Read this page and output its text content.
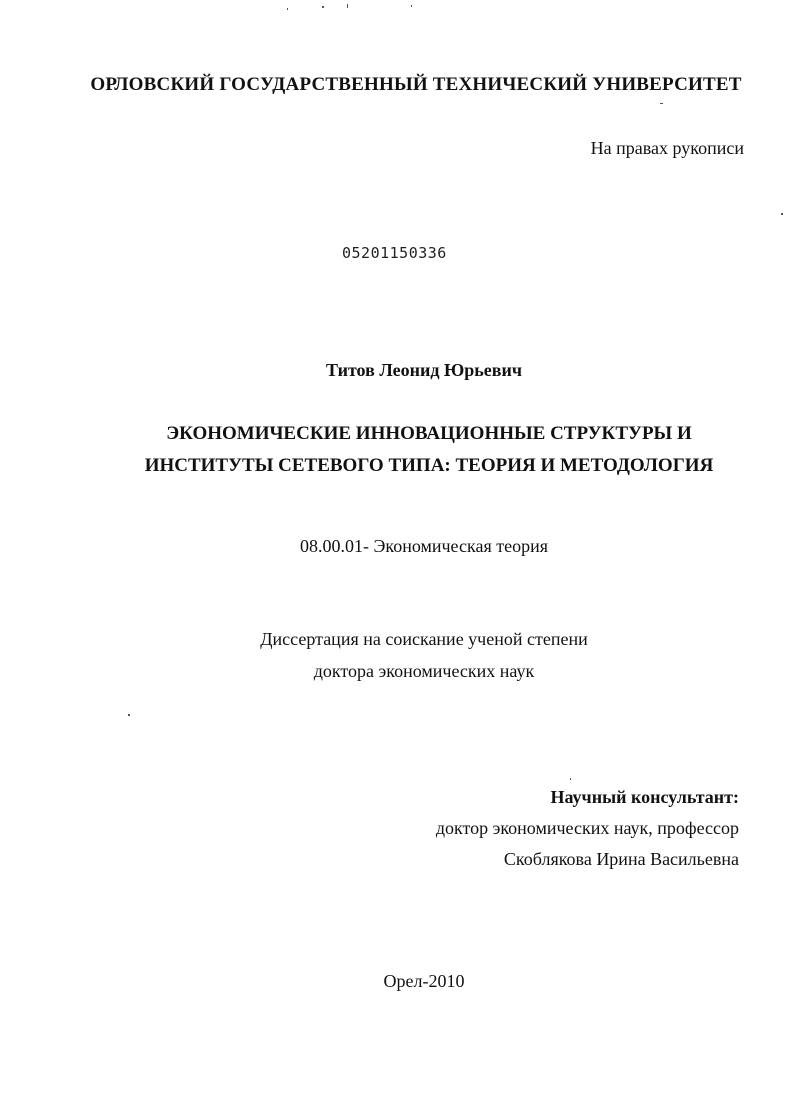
ОРЛОВСКИЙ ГОСУДАРСТВЕННЫЙ ТЕХНИЧЕСКИЙ УНИВЕРСИТЕТ
На правах рукописи
05201150336
Титов Леонид Юрьевич
ЭКОНОМИЧЕСКИЕ ИННОВАЦИОННЫЕ СТРУКТУРЫ И
ИНСТИТУТЫ СЕТЕВОГО ТИПА: ТЕОРИЯ И МЕТОДОЛОГИЯ
08.00.01- Экономическая теория
Диссертация на соискание ученой степени
доктора экономических наук
Научный консультант:
доктор экономических наук, профессор
Скоблякова Ирина Васильевна
Орел-2010
